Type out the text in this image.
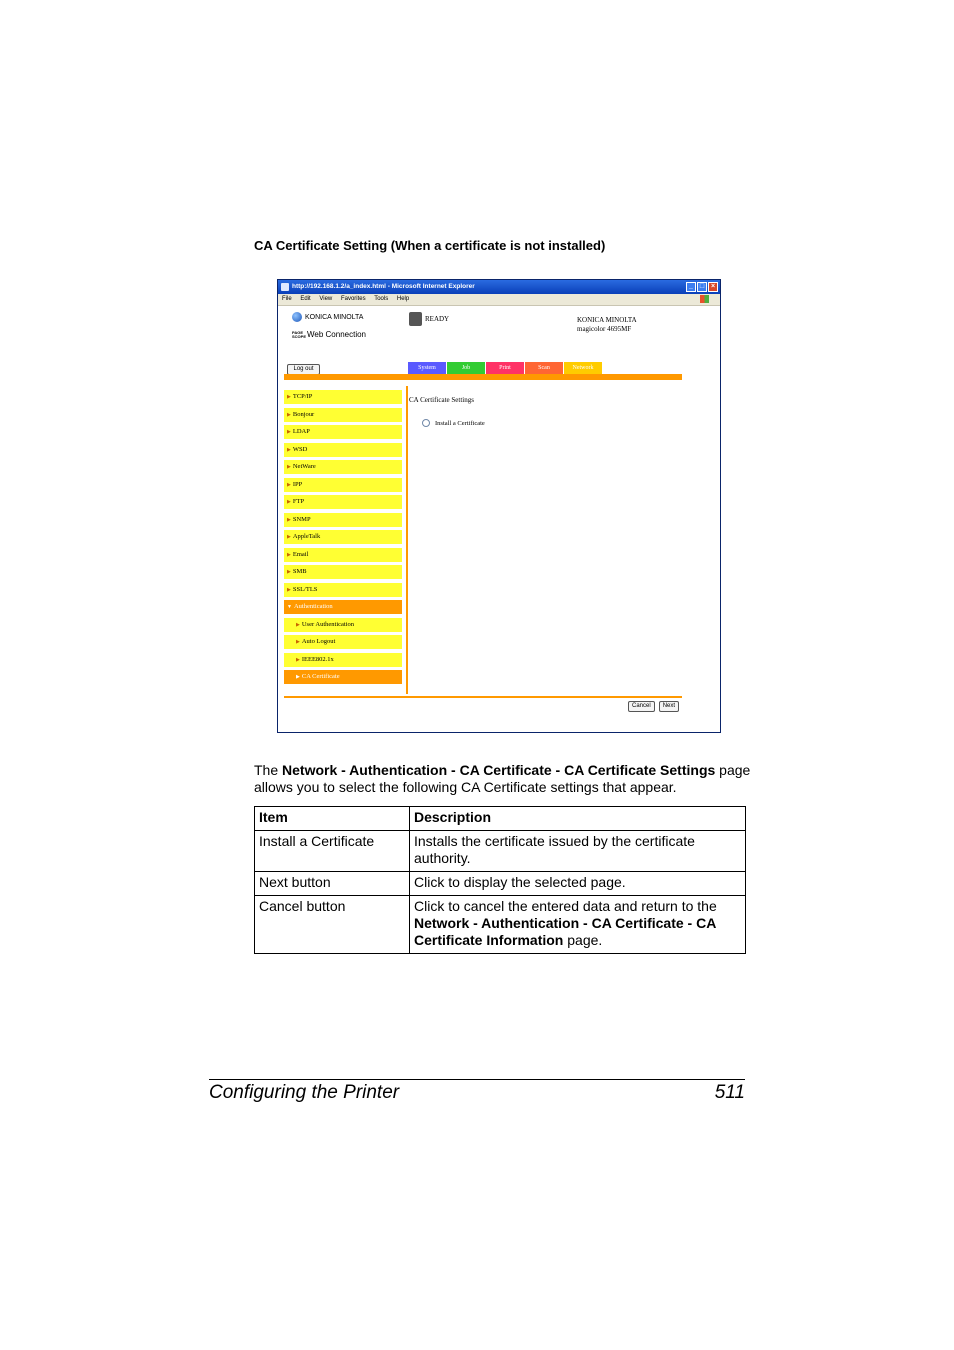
CA Certificate Setting (When a certificate is not installed)
http://192.168.1.2/a_index.html - Microsoft Internet Explorer	_ □ ×
File Edit View Favorites Tools Help
KONICA MINOLTA
PAGE SCOPE Web Connection
READY	KONICA MINOLTA
magicolor 4695MF
Log out	System	Job	Print	Scan	Network
▶ TCP/IP
▶ Bonjour
▶ LDAP
▶ WSD
▶ NetWare
▶ IPP
▶ FTP
▶ SNMP
▶ AppleTalk
▶ Email
▶ SMB
▶ SSL/TLS
▼ Authentication
▶ User Authentication
▶ Auto Logout
▶ IEEE802.1x
▶ CA Certificate
CA Certificate Settings
Install a Certificate
Cancel	Next
The Network - Authentication - CA Certificate - CA Certificate Settings page allows you to select the following CA Certificate settings that appear.
Item	Description
Install a Certificate	Installs the certificate issued by the certificate authority.
Next button	Click to display the selected page.
Cancel button	Click to cancel the entered data and return to the Network - Authentication - CA Certificate - CA Certificate Information page.
Configuring the Printer	511
